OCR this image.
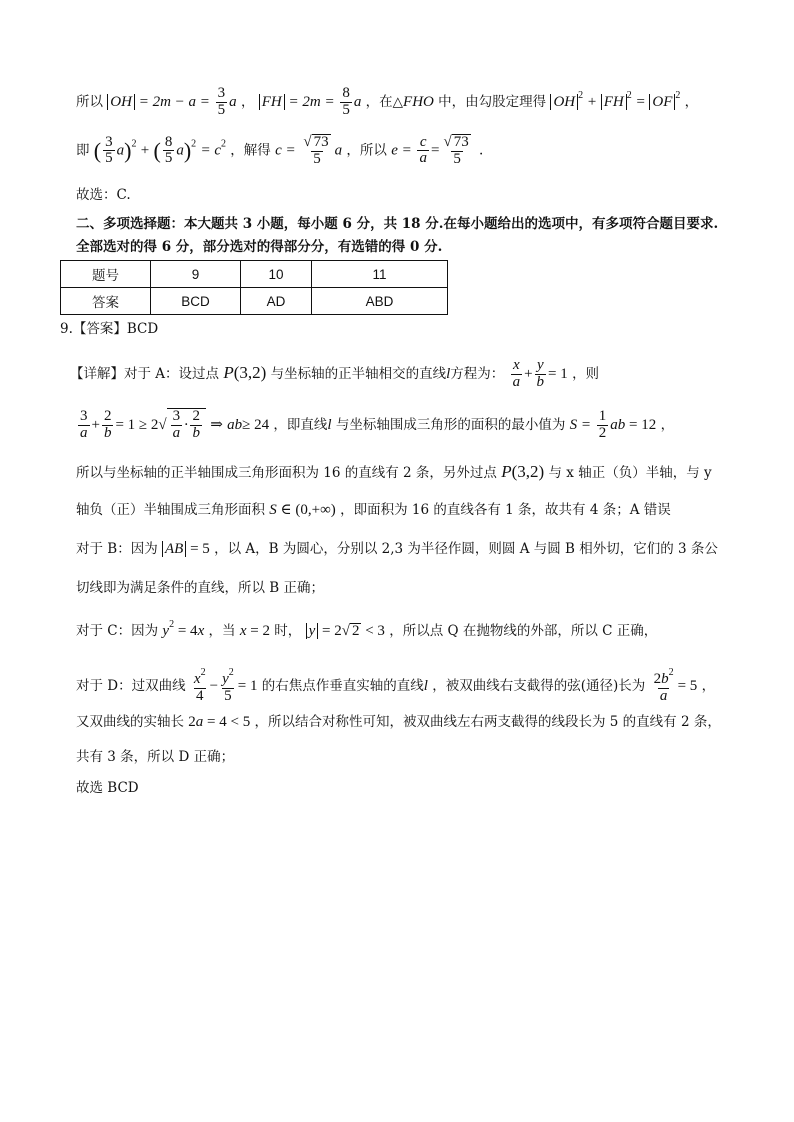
所以 OH = $2m - a = \frac{3}{5}$ a ， FH = $2m = \frac{8}{5}$ a ，在△FHO 中，由勾股定理得 OH $^2$ + FH $^2$ = OF $^2$ ，
即 ( $\frac{3}{5} a)^2$ + ( $\frac{8}{5} a)^2 = c^2$ ，解得 $c = \frac{√ 73}{5}$ a ，所以 $e = \frac{c}{a} = \frac{√ 73}{5}$ .
故选：C.
二、多项选择题：本大题共 3 小题，每小题 6 分，共 18 分.在每小题给出的选项中，有多项符合题目要求.
全部选对的得 6 分，部分选对的得部分分，有选错的得 0 分.
题号	9	10	11
答案	BCD	AD	ABD
9.【答案】BCD
【详解】对于 A：设过点 P(3,2) 与坐标轴的正半轴相交的直线l方程为： $\frac{x}{a} + \frac{y}{b} = 1$ ，则
$\frac{3}{a} + \frac{2}{b} = 1 \ge 2√ \frac{3}{a} \cdot \frac{2}{b}$ ⇒ ab≥ 24 ，即直线l 与坐标轴围成三角形的面积的最小值为 $S = \frac{1}{2}$ ab = 12 ，
所以与坐标轴的正半轴围成三角形面积为 16 的直线有 2 条，另外过点 P(3,2) 与 x 轴正（负）半轴，与 y
轴负（正）半轴围成三角形面积 S ∈ (0,+∞) ，即面积为 16 的直线各有 1 条，故共有 4 条；A 错误
对于 B：因为 AB = 5 ，以 A，B 为圆心，分别以 2,3 为半径作圆，则圆 A 与圆 B 相外切，它们的 3 条公
切线即为满足条件的直线，所以 B 正确；
对于 C：因为 $y^2 = 4x$ ，当 x = 2 时， y = 2√ 2 < 3 ，所以点 Q 在抛物线的外部，所以 C 正确，
对于 D：过双曲线 $\frac{x^2}{4} - \frac{y^2}{5} = 1$ 的右焦点作垂直实轴的直线l ，被双曲线右支截得的弦(通径)长为 $\frac{2b^2}{a} = 5$ ，
又双曲线的实轴长 2a = 4 < 5 ，所以结合对称性可知，被双曲线左右两支截得的线段长为 5 的直线有 2 条，
共有 3 条，所以 D 正确；
故选 BCD
